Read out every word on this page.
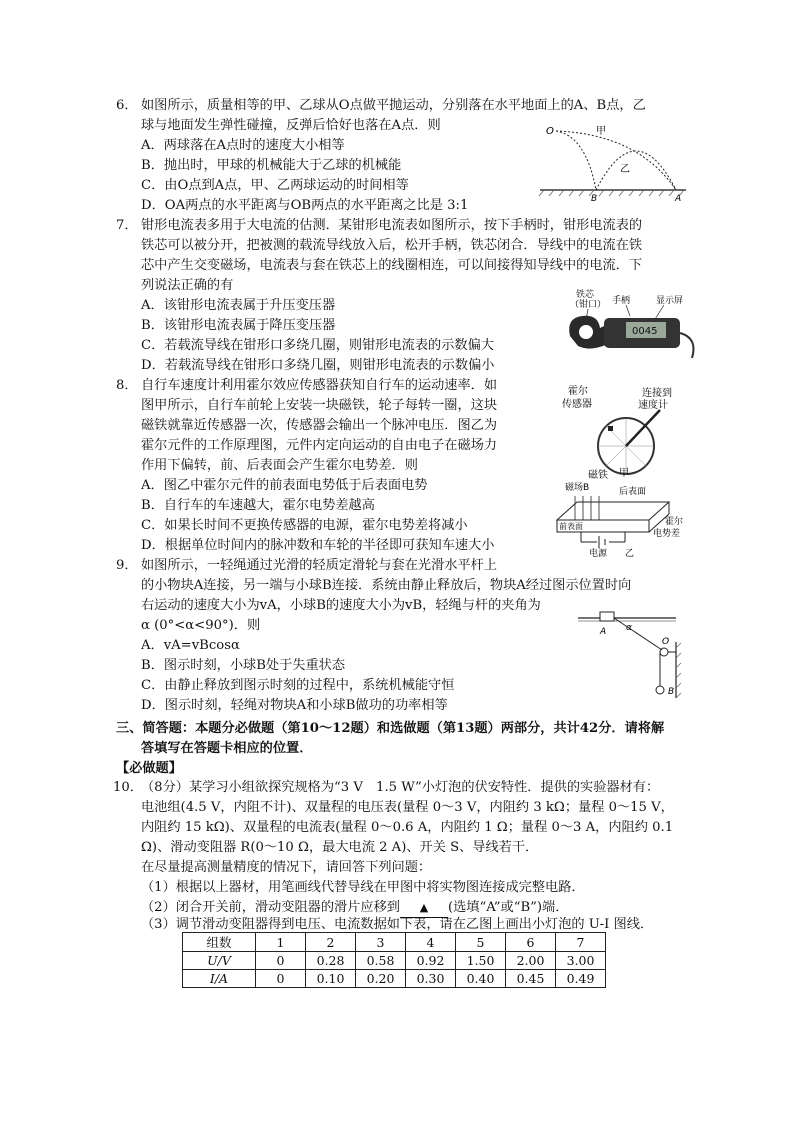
6． 如图所示，质量相等的甲、乙球从O点做平抛运动，分别落在水平地面上的A、B点，乙
球与地面发生弹性碰撞，反弹后恰好也落在A点．则
A．两球落在A点时的速度大小相等
B．抛出时，甲球的机械能大于乙球的机械能
C．由O点到A点，甲、乙两球运动的时间相等
D．OA两点的水平距离与OB两点的水平距离之比是 3:1
O	甲
乙
B	A
7． 钳形电流表多用于大电流的估测．某钳形电流表如图所示，按下手柄时，钳形电流表的
铁芯可以被分开，把被测的载流导线放入后，松开手柄，铁芯闭合．导线中的电流在铁
芯中产生交变磁场，电流表与套在铁芯上的线圈相连，可以间接得知导线中的电流．下
列说法正确的有
A．该钳形电流表属于升压变压器
B．该钳形电流表属于降压变压器
C．若载流导线在钳形口多绕几圈，则钳形电流表的示数偏大
D．若载流导线在钳形口多绕几圈，则钳形电流表的示数偏小
铁芯
（钳口） 手柄	显示屏
0045
8． 自行车速度计利用霍尔效应传感器获知自行车的运动速率．如
图甲所示，自行车前轮上安装一块磁铁，轮子每转一圈，这块
磁铁就靠近传感器一次，传感器会输出一个脉冲电压．图乙为
霍尔元件的工作原理图，元件内定向运动的自由电子在磁场力
作用下偏转，前、后表面会产生霍尔电势差．则
A．图乙中霍尔元件的前表面电势低于后表面电势
B．自行车的车速越大，霍尔电势差越高
C．如果长时间不更换传感器的电源，霍尔电势差将减小
D．根据单位时间内的脉冲数和车轮的半径即可获知车速大小
霍尔
传感器
连接到
速度计
磁铁 甲
磁场B	后表面
前表面	霍尔
电势差
电源 乙
9． 如图所示，一轻绳通过光滑的轻质定滑轮与套在光滑水平杆上
的小物块A连接，另一端与小球B连接．系统由静止释放后，物块A经过图示位置时向
右运动的速度大小为vA，小球B的速度大小为vB，轻绳与杆的夹角为
α (0°<α<90°)．则
A．vA=vBcosα
B．图示时刻，小球B处于失重状态
C．由静止释放到图示时刻的过程中，系统机械能守恒
D．图示时刻，轻绳对物块A和小球B做功的功率相等
A α
O
B
三、简答题：本题分必做题（第10～12题）和选做题（第13题）两部分，共计42分．请将解
答填写在答题卡相应的位置．
【必做题】
10．
（8分）某学习小组欲探究规格为“3 V　1.5 W”小灯泡的伏安特性．提供的实验器材有：
电池组(4.5 V，内阻不计)、双量程的电压表(量程 0～3 V，内阻约 3 kΩ；量程 0～15 V，
内阻约 15 kΩ)、双量程的电流表(量程 0～0.6 A，内阻约 1 Ω；量程 0～3 A，内阻约 0.1
Ω)、滑动变阻器 R(0～10 Ω，最大电流 2 A)、开关 S、导线若干．
在尽量提高测量精度的情况下，请回答下列问题：
（1）根据以上器材，用笔画线代替导线在甲图中将实物图连接成完整电路．
（2）闭合开关前，滑动变阻器的滑片应移到 ▲ (选填“A”或“B”)端．
（3）调节滑动变阻器得到电压、电流数据如下表，请在乙图上画出小灯泡的 U-I 图线．
组数	1	2	3	4	5	6	7
U/V	0	0.28	0.58	0.92	1.50	2.00	3.00
I/A	0	0.10	0.20	0.30	0.40	0.45	0.49
